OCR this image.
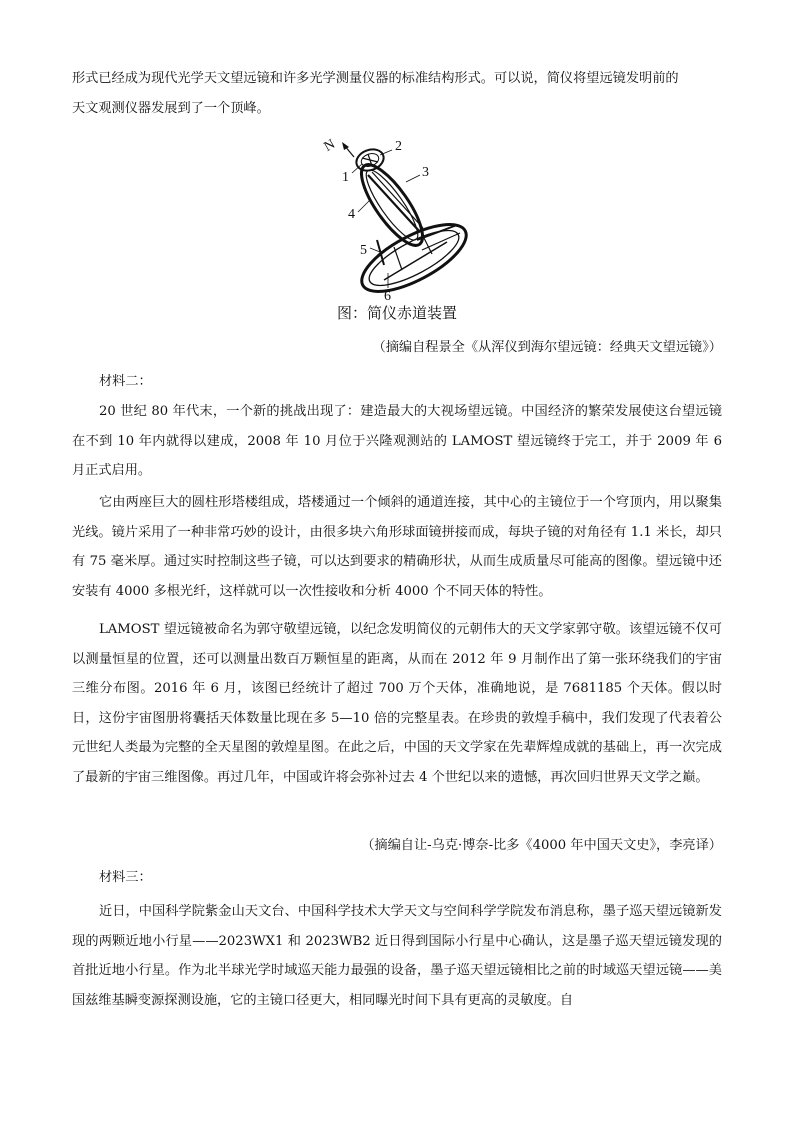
形式已经成为现代光学天文望远镜和许多光学测量仪器的标准结构形式。可以说，简仪将望远镜发明前的

天文观测仪器发展到了一个顶峰。

N
1
2
3
4
5
6
图：简仪赤道装置

（摘编自程景全《从浑仪到海尔望远镜：经典天文望远镜》）

材料二：

20 世纪 80 年代末，一个新的挑战出现了：建造最大的大视场望远镜。中国经济的繁荣发展使这台望远镜在不到 10 年内就得以建成，2008 年 10 月位于兴隆观测站的 LAMOST 望远镜终于完工，并于 2009 年 6 月正式启用。

它由两座巨大的圆柱形塔楼组成，塔楼通过一个倾斜的通道连接，其中心的主镜位于一个穹顶内，用以聚集光线。镜片采用了一种非常巧妙的设计，由很多块六角形球面镜拼接而成，每块子镜的对角径有 1.1 米长，却只有 75 毫米厚。通过实时控制这些子镜，可以达到要求的精确形状，从而生成质量尽可能高的图像。望远镜中还安装有 4000 多根光纤，这样就可以一次性接收和分析 4000 个不同天体的特性。

LAMOST 望远镜被命名为郭守敬望远镜，以纪念发明简仪的元朝伟大的天文学家郭守敬。该望远镜不仅可以测量恒星的位置，还可以测量出数百万颗恒星的距离，从而在 2012 年 9 月制作出了第一张环绕我们的宇宙三维分布图。2016 年 6 月，该图已经统计了超过 700 万个天体，准确地说，是 7681185 个天体。假以时日，这份宇宙图册将囊括天体数量比现在多 5—10 倍的完整星表。在珍贵的敦煌手稿中，我们发现了代表着公元世纪人类最为完整的全天星图的敦煌星图。在此之后，中国的天文学家在先辈辉煌成就的基础上，再一次完成了最新的宇宙三维图像。再过几年，中国或许将会弥补过去 4 个世纪以来的遗憾，再次回归世界天文学之巅。

（摘编自让-乌克·博奈-比多《4000 年中国天文史》，李亮译）

材料三：

近日，中国科学院紫金山天文台、中国科学技术大学天文与空间科学学院发布消息称，墨子巡天望远镜新发现的两颗近地小行星——2023WX1 和 2023WB2 近日得到国际小行星中心确认，这是墨子巡天望远镜发现的首批近地小行星。作为北半球光学时域巡天能力最强的设备，墨子巡天望远镜相比之前的时域巡天望远镜——美国兹维基瞬变源探测设施，它的主镜口径更大，相同曝光时间下具有更高的灵敏度。自
